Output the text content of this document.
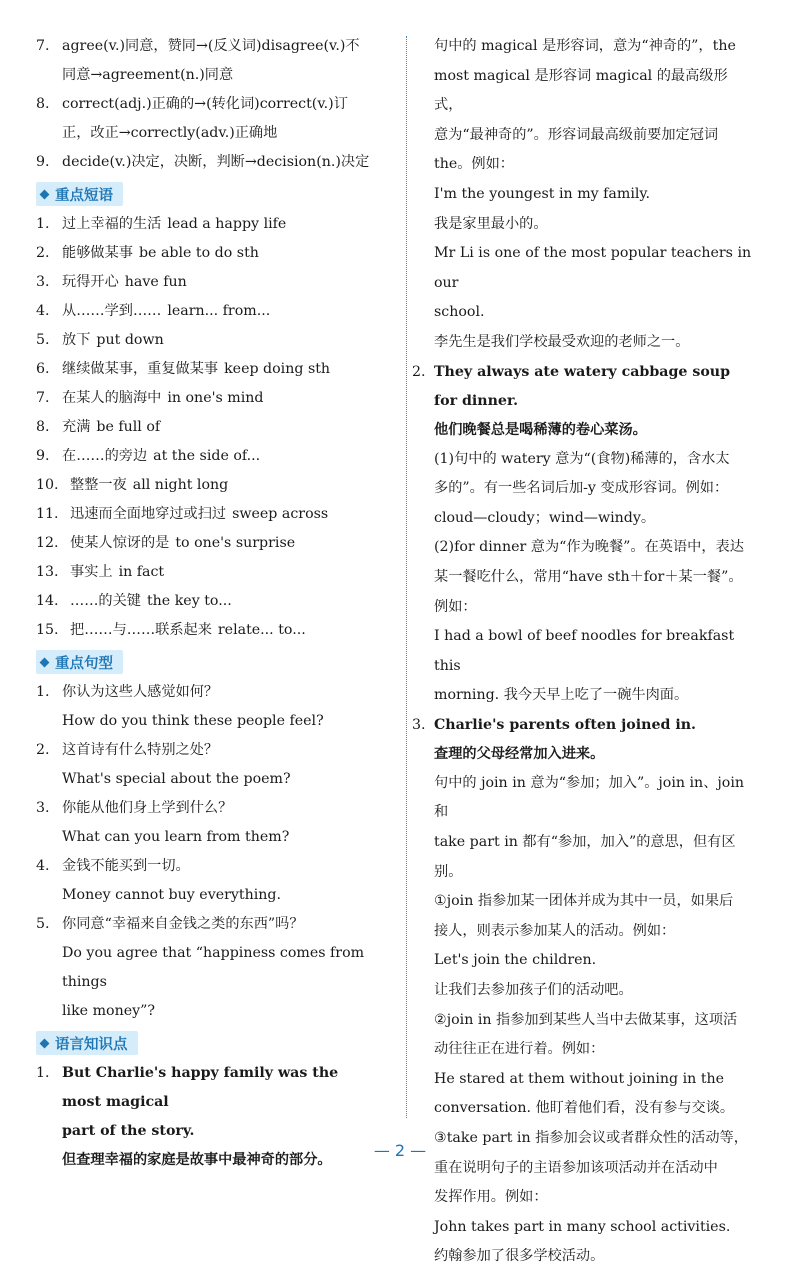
7. agree(v.)同意，赞同→(反义词)disagree(v.)不
同意→agreement(n.)同意
8. correct(adj.)正确的→(转化词)correct(v.)订
正，改正→correctly(adv.)正确地
9. decide(v.)决定，决断，判断→decision(n.)决定
重点短语
1. 过上幸福的生活 lead a happy life
2. 能够做某事 be able to do sth
3. 玩得开心 have fun
4. 从……学到…… learn... from...
5. 放下 put down
6. 继续做某事，重复做某事 keep doing sth
7. 在某人的脑海中 in one's mind
8. 充满 be full of
9. 在……的旁边 at the side of...
10. 整整一夜 all night long
11. 迅速而全面地穿过或扫过 sweep across
12. 使某人惊讶的是 to one's surprise
13. 事实上 in fact
14. ……的关键 the key to...
15. 把……与……联系起来 relate... to...
重点句型
1. 你认为这些人感觉如何？
How do you think these people feel?
2. 这首诗有什么特别之处？
What's special about the poem?
3. 你能从他们身上学到什么？
What can you learn from them?
4. 金钱不能买到一切。
Money cannot buy everything.
5. 你同意“幸福来自金钱之类的东西”吗？
Do you agree that “happiness comes from things
like money”?
语言知识点
1. But Charlie's happy family was the most magical
part of the story.
但查理幸福的家庭是故事中最神奇的部分。
句中的 magical 是形容词，意为“神奇的”，the
most magical 是形容词 magical 的最高级形式，
意为“最神奇的”。形容词最高级前要加定冠词
the。例如：
I'm the youngest in my family.
我是家里最小的。
Mr Li is one of the most popular teachers in our
school.
李先生是我们学校最受欢迎的老师之一。
2. They always ate watery cabbage soup for dinner.
他们晚餐总是喝稀薄的卷心菜汤。
(1)句中的 watery 意为“(食物)稀薄的，含水太
多的”。有一些名词后加-y 变成形容词。例如：
cloud—cloudy；wind—windy。
(2)for dinner 意为“作为晚餐”。在英语中，表达
某一餐吃什么，常用“have sth＋for＋某一餐”。
例如：
I had a bowl of beef noodles for breakfast this
morning. 我今天早上吃了一碗牛肉面。
3. Charlie's parents often joined in.
查理的父母经常加入进来。
句中的 join in 意为“参加；加入”。join in、join 和
take part in 都有“参加，加入”的意思，但有区别。
①join 指参加某一团体并成为其中一员，如果后
接人，则表示参加某人的活动。例如：
Let's join the children.
让我们去参加孩子们的活动吧。
②join in 指参加到某些人当中去做某事，这项活
动往往正在进行着。例如：
He stared at them without joining in the
conversation. 他盯着他们看，没有参与交谈。
③take part in 指参加会议或者群众性的活动等，
重在说明句子的主语参加该项活动并在活动中
发挥作用。例如：
John takes part in many school activities.
约翰参加了很多学校活动。
— 2 —
